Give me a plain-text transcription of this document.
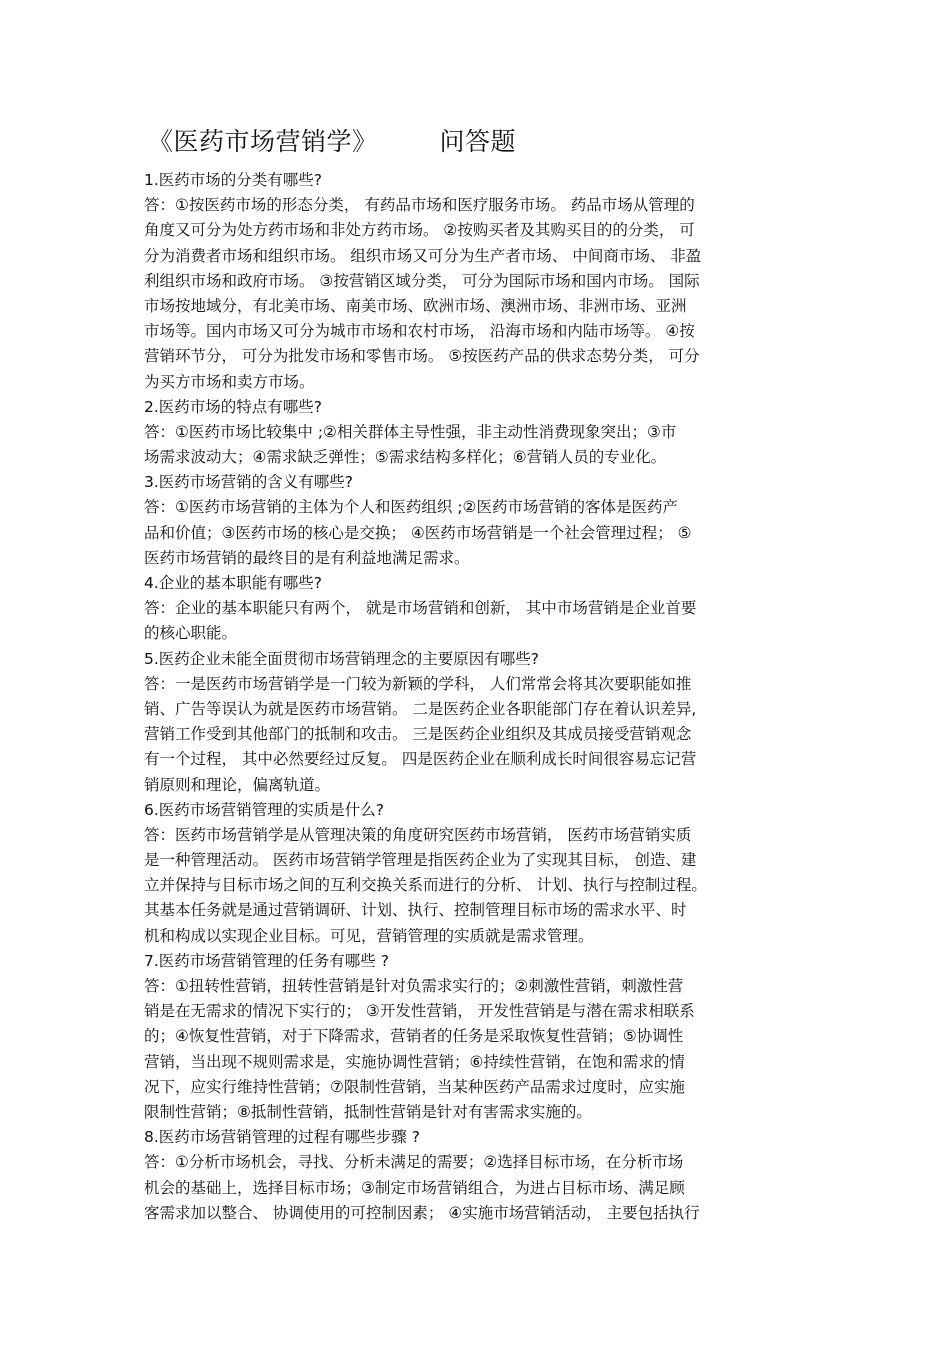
《医药市场营销学》 问答题
1.医药市场的分类有哪些?
答：①按医药市场的形态分类， 有药品市场和医疗服务市场。 药品市场从管理的
角度又可分为处方药市场和非处方药市场。 ②按购买者及其购买目的的分类， 可
分为消费者市场和组织市场。 组织市场又可分为生产者市场、 中间商市场、 非盈
利组织市场和政府市场。 ③按营销区域分类， 可分为国际市场和国内市场。 国际
市场按地域分，有北美市场、南美市场、欧洲市场、澳洲市场、非洲市场、亚洲
市场等。国内市场又可分为城市市场和农村市场， 沿海市场和内陆市场等。 ④按
营销环节分， 可分为批发市场和零售市场。 ⑤按医药产品的供求态势分类， 可分
为买方市场和卖方市场。
2.医药市场的特点有哪些?
答：①医药市场比较集中 ;②相关群体主导性强，非主动性消费现象突出；③市
场需求波动大；④需求缺乏弹性；⑤需求结构多样化；⑥营销人员的专业化。
3.医药市场营销的含义有哪些?
答：①医药市场营销的主体为个人和医药组织 ;②医药市场营销的客体是医药产
品和价值；③医药市场的核心是交换； ④医药市场营销是一个社会管理过程； ⑤
医药市场营销的最终目的是有利益地满足需求。
4.企业的基本职能有哪些?
答：企业的基本职能只有两个， 就是市场营销和创新， 其中市场营销是企业首要
的核心职能。
5.医药企业未能全面贯彻市场营销理念的主要原因有哪些?
答：一是医药市场营销学是一门较为新颖的学科， 人们常常会将其次要职能如推
销、广告等误认为就是医药市场营销。 二是医药企业各职能部门存在着认识差异,
营销工作受到其他部门的抵制和攻击。 三是医药企业组织及其成员接受营销观念
有一个过程， 其中必然要经过反复。 四是医药企业在顺利成长时间很容易忘记营
销原则和理论，偏离轨道。
6.医药市场营销管理的实质是什么?
答：医药市场营销学是从管理决策的角度研究医药市场营销， 医药市场营销实质
是一种管理活动。 医药市场营销学管理是指医药企业为了实现其目标， 创造、建
立并保持与目标市场之间的互利交换关系而进行的分析、 计划、执行与控制过程。
其基本任务就是通过营销调研、计划、执行、控制管理目标市场的需求水平、时
机和构成以实现企业目标。可见，营销管理的实质就是需求管理。
7.医药市场营销管理的任务有哪些 ?
答：①扭转性营销，扭转性营销是针对负需求实行的；②刺激性营销，刺激性营
销是在无需求的情况下实行的； ③开发性营销， 开发性营销是与潜在需求相联系
的；④恢复性营销，对于下降需求，营销者的任务是采取恢复性营销；⑤协调性
营销，当出现不规则需求是，实施协调性营销；⑥持续性营销，在饱和需求的情
况下，应实行维持性营销；⑦限制性营销，当某种医药产品需求过度时，应实施
限制性营销；⑧抵制性营销，抵制性营销是针对有害需求实施的。
8.医药市场营销管理的过程有哪些步骤 ?
答：①分析市场机会，寻找、分析未满足的需要；②选择目标市场，在分析市场
机会的基础上，选择目标市场；③制定市场营销组合，为进占目标市场、满足顾
客需求加以整合、 协调使用的可控制因素； ④实施市场营销活动， 主要包括执行
